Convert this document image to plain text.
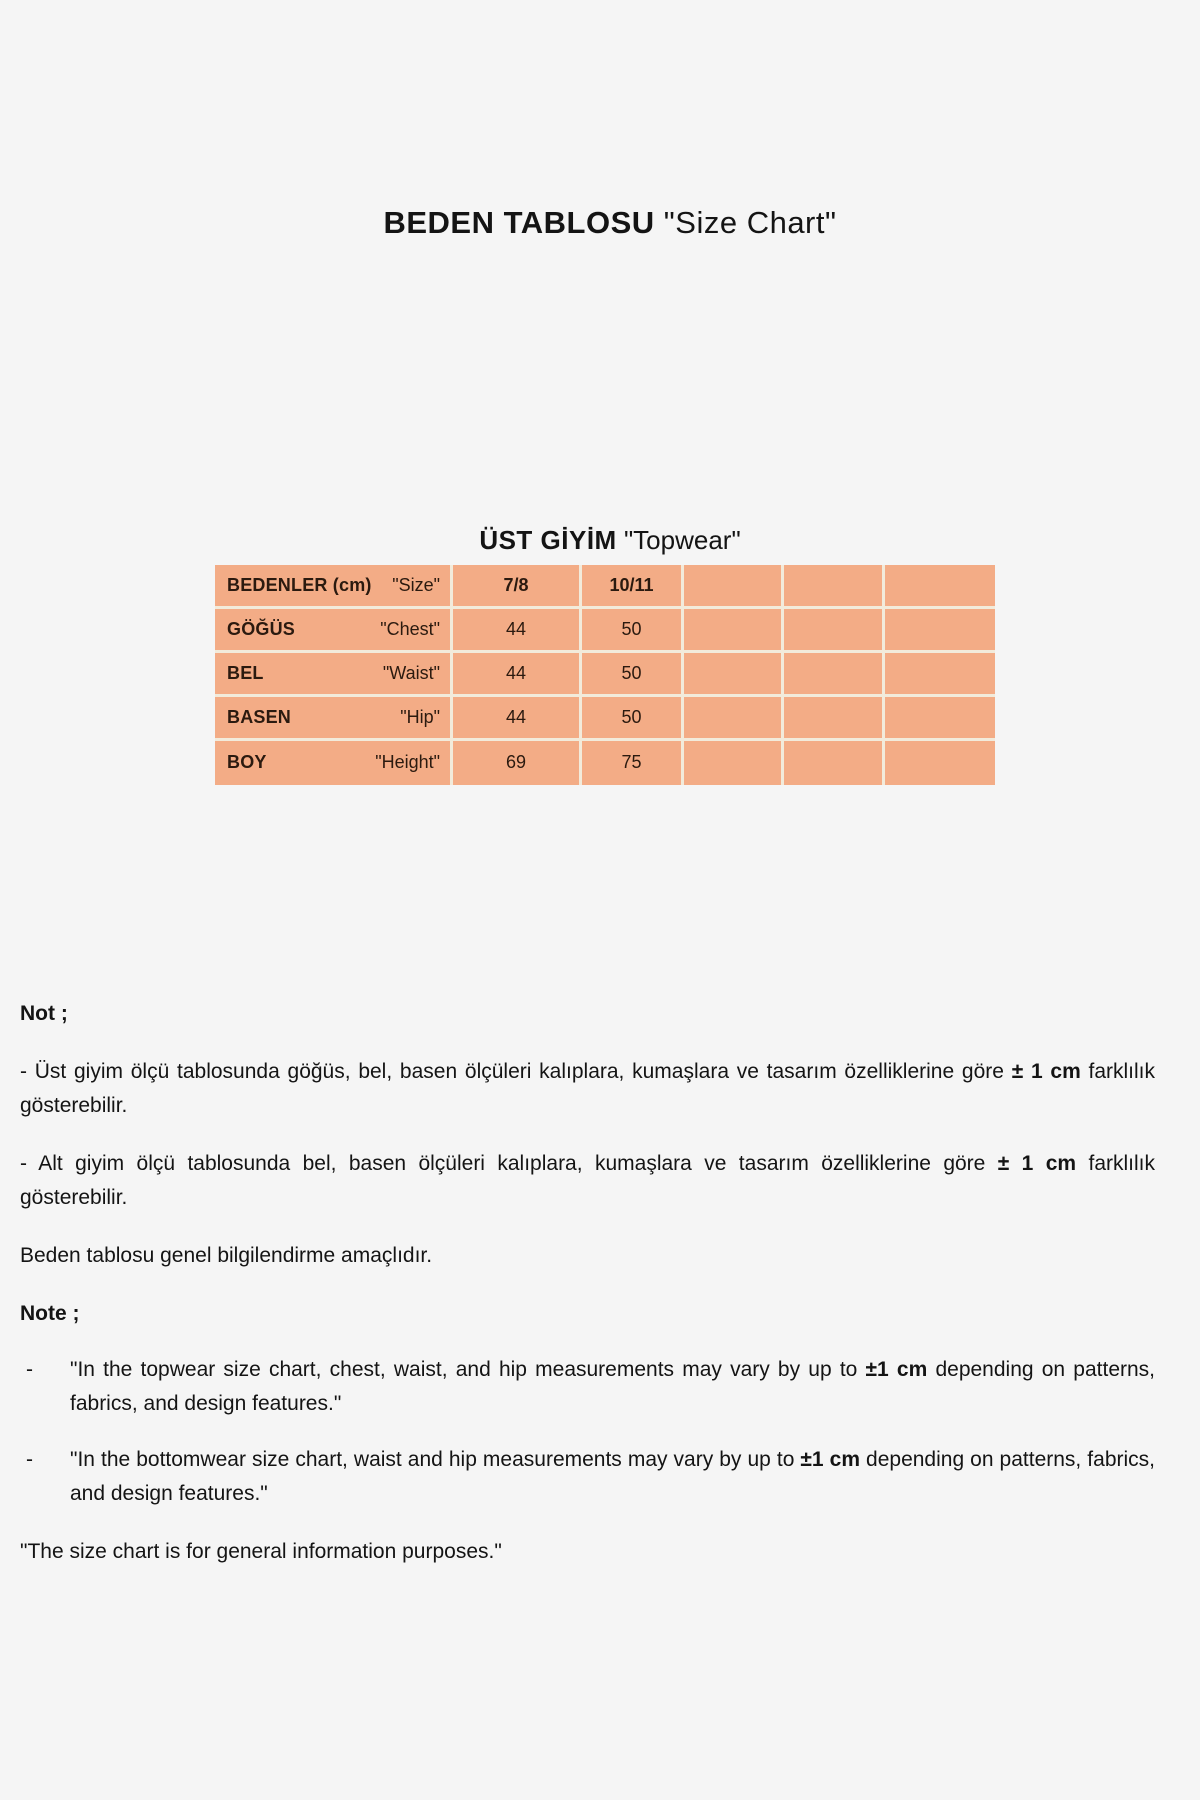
BEDEN TABLOSU "Size Chart"
ÜST GİYİM "Topwear"
BEDENLER (cm) "Size"	7/8	10/11			

GÖĞÜS "Chest"	44	50			

BEL "Waist"	44	50			

BASEN "Hip"	44	50			

BOY "Height"	69	75			

Not ;

- Üst giyim ölçü tablosunda göğüs, bel, basen ölçüleri kalıplara, kumaşlara ve tasarım özelliklerine göre ± 1 cm farklılık gösterebilir.

- Alt giyim ölçü tablosunda bel, basen ölçüleri kalıplara, kumaşlara ve tasarım özelliklerine göre ± 1 cm farklılık gösterebilir.

Beden tablosu genel bilgilendirme amaçlıdır.

Note ;

- "In the topwear size chart, chest, waist, and hip measurements may vary by up to ±1 cm depending on patterns, fabrics, and design features."

- "In the bottomwear size chart, waist and hip measurements may vary by up to ±1 cm depending on patterns, fabrics, and design features."

"The size chart is for general information purposes."
